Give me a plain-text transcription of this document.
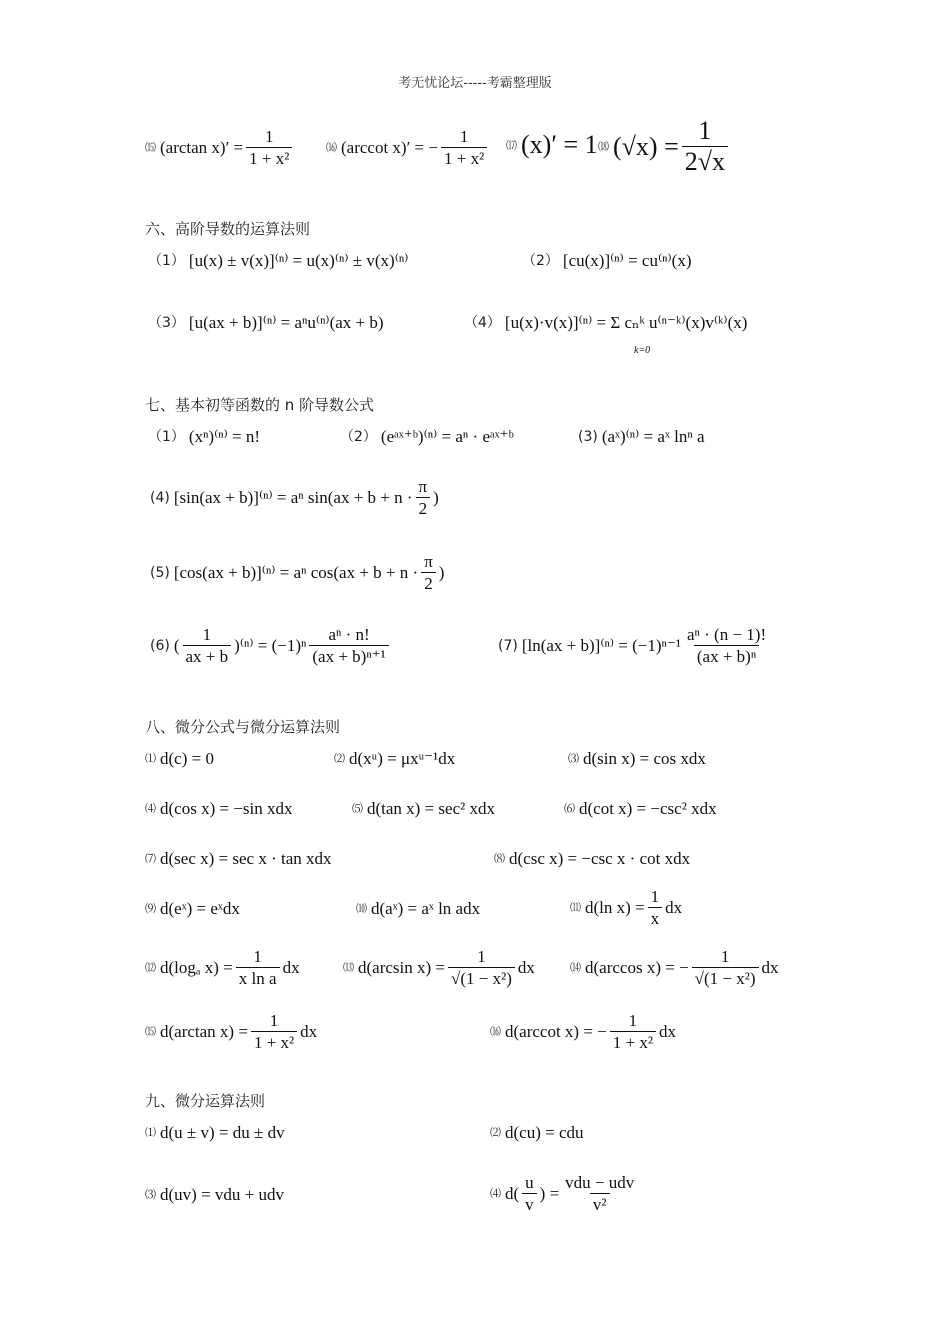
考无忧论坛-----考霸整理版
⒂ (arctan $x)' = \frac{1}{\text{1 + x²}}$	⒃ (arccot x)′ = − $\frac{1}{\text{1 + x²}}$ ⒄ (x)′ = 1 ⒅ $(√x) = \frac{1}{2√x}$
六、高阶导数的运算法则
（1） [u(x) ± v(x)]⁽ⁿ⁾ = u(x)⁽ⁿ⁾ ± v(x)⁽ⁿ⁾	（2） [cu(x)]⁽ⁿ⁾ = cu⁽ⁿ⁾(x)
（3） [u(ax + b)]⁽ⁿ⁾ = aⁿu⁽ⁿ⁾(ax + b)	（4） [u(x)·v(x)]⁽ⁿ⁾ = Σ cₙᵏ u⁽ⁿ⁻ᵏ⁾(x)v⁽ᵏ⁾(x)
k=0
七、基本初等函数的 n 阶导数公式
（1） (xⁿ)⁽ⁿ⁾ = n!	（2） (eᵃˣ⁺ᵇ)⁽ⁿ⁾ = aⁿ · eᵃˣ⁺ᵇ	(3) (aˣ)⁽ⁿ⁾ = aˣ lnⁿ a
(4) [sin(ax + b)]⁽ⁿ⁾ = aⁿ sin(ax + b + n ·
π
2
)
(5) [cos(ax + b)]⁽ⁿ⁾ = aⁿ cos(ax + b + n ·
π
2
)
(6) (
1
ax + b
)⁽ⁿ⁾ = (−1)ⁿ
aⁿ · n!
(ax + b)ⁿ⁺¹
(7) [ln(ax + b)]⁽ⁿ⁾ = (−1)ⁿ⁻¹
aⁿ · (n − 1)!
(ax + b)ⁿ
八、微分公式与微分运算法则
⑴ d(c) = 0	⑵ d(xᵘ) = μxᵘ⁻¹dx	⑶ d(sin x) = cos xdx
⑷ d(cos x) = −sin xdx	⑸ d(tan x) = sec² xdx	⑹ d(cot x) = −csc² xdx
⑺ d(sec x) = sec x · tan xdx	⑻ d(csc x) = −csc x · cot xdx
⑼ d(eˣ) = eˣdx	⑽ d(aˣ) = aˣ ln adx	⑾ d(ln $x) = \frac{1}{x}$ dx
⑿ d(logₐ $x) = \frac{1}{\text{x ln a}}$ dx	⒀ d(arcsin $x) = \frac{1}{\text{√(1 − x²)}}$ dx	⒁ d(arccos x) = − $\frac{1}{\text{√(1 − x²)}}$ dx
⒂ d(arctan $x) = \frac{1}{\text{1 + x²}}$ dx	⒃ d(arccot x) = − $\frac{1}{\text{1 + x²}}$ dx
九、微分运算法则
⑴ d(u ± v) = du ± dv	⑵ d(cu) = cdu
⑶ d(uv) = vdu + udv	⑷ d(
u
v
) =
vdu − udv
v²
